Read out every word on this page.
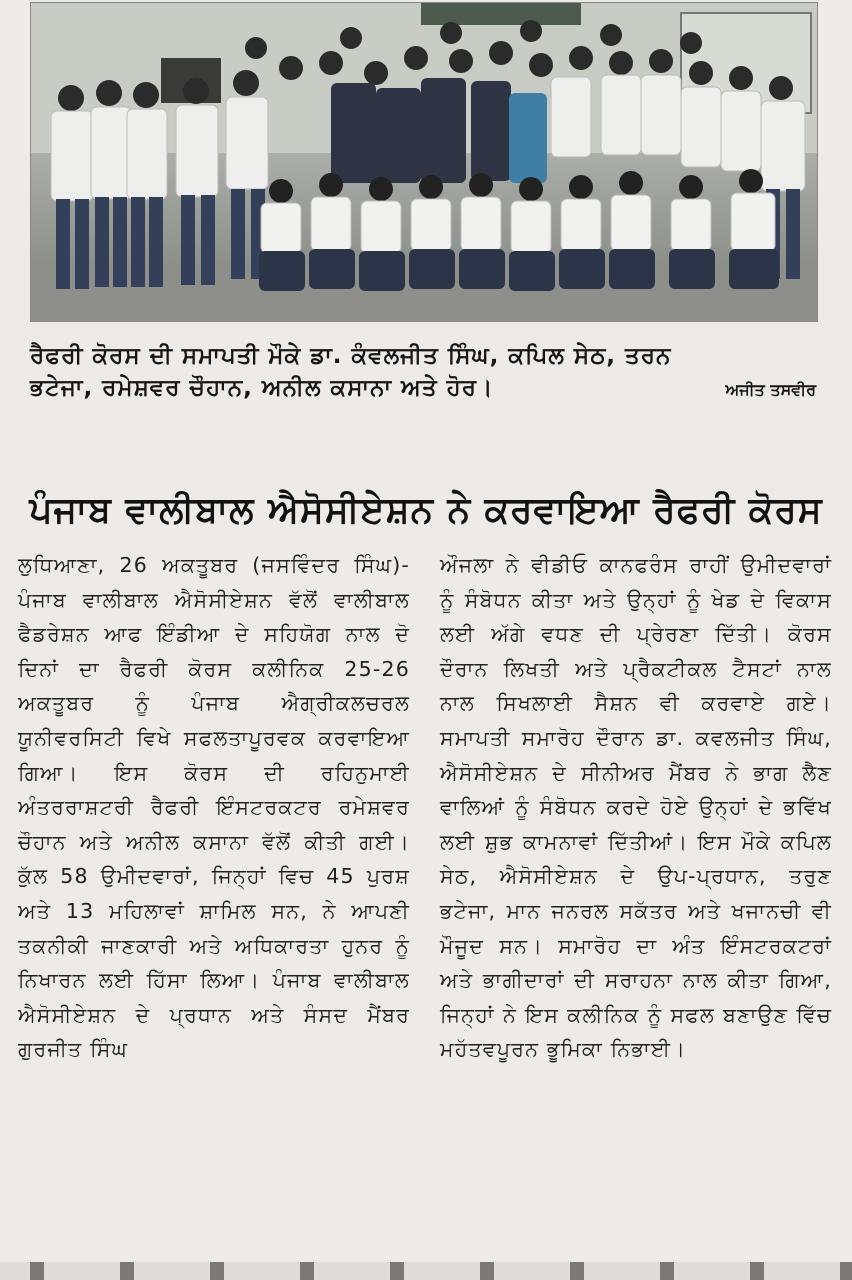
ਰੈਫਰੀ ਕੋਰਸ ਦੀ ਸਮਾਪਤੀ ਮੌਕੇ ਡਾ. ਕੰਵਲਜੀਤ ਸਿੰਘ, ਕਪਿਲ ਸੇਠ, ਤਰਨ
ਭਟੇਜਾ, ਰਮੇਸ਼ਵਰ ਚੌਹਾਨ, ਅਨੀਲ ਕਸਾਨਾ ਅਤੇ ਹੋਰ।	ਅਜੀਤ ਤਸਵੀਰ
ਪੰਜਾਬ ਵਾਲੀਬਾਲ ਐਸੋਸੀਏਸ਼ਨ ਨੇ ਕਰਵਾਇਆ ਰੈਫਰੀ ਕੋਰਸ
ਲੁਧਿਆਣਾ, 26 ਅਕਤੂਬਰ (ਜਸਵਿੰਦਰ ਸਿੰਘ)-ਪੰਜਾਬ ਵਾਲੀਬਾਲ ਐਸੋਸੀਏਸ਼ਨ ਵੱਲੋਂ ਵਾਲੀਬਾਲ ਫੈਡਰੇਸ਼ਨ ਆਫ ਇੰਡੀਆ ਦੇ ਸਹਿਯੋਗ ਨਾਲ ਦੋ ਦਿਨਾਂ ਦਾ ਰੈਫਰੀ ਕੋਰਸ ਕਲੀਨਿਕ 25-26 ਅਕਤੂਬਰ ਨੂੰ ਪੰਜਾਬ ਐਗ੍ਰੀਕਲਚਰਲ ਯੂਨੀਵਰਸਿਟੀ ਵਿਖੇ ਸਫਲਤਾਪੂਰਵਕ ਕਰਵਾਇਆ ਗਿਆ। ਇਸ ਕੋਰਸ ਦੀ ਰਹਿਨੁਮਾਈ ਅੰਤਰਰਾਸ਼ਟਰੀ ਰੈਫਰੀ ਇੰਸਟਰਕਟਰ ਰਮੇਸ਼ਵਰ ਚੌਹਾਨ ਅਤੇ ਅਨੀਲ ਕਸਾਨਾ ਵੱਲੋਂ ਕੀਤੀ ਗਈ। ਕੁੱਲ 58 ਉਮੀਦਵਾਰਾਂ, ਜਿਨ੍ਹਾਂ ਵਿਚ 45 ਪੁਰਸ਼ ਅਤੇ 13 ਮਹਿਲਾਵਾਂ ਸ਼ਾਮਿਲ ਸਨ, ਨੇ ਆਪਣੀ ਤਕਨੀਕੀ ਜਾਣਕਾਰੀ ਅਤੇ ਅਧਿਕਾਰਤਾ ਹੁਨਰ ਨੂੰ ਨਿਖਾਰਨ ਲਈ ਹਿੱਸਾ ਲਿਆ। ਪੰਜਾਬ ਵਾਲੀਬਾਲ ਐਸੋਸੀਏਸ਼ਨ ਦੇ ਪ੍ਰਧਾਨ ਅਤੇ ਸੰਸਦ ਮੈਂਬਰ ਗੁਰਜੀਤ ਸਿੰਘ
ਔਜਲਾ ਨੇ ਵੀਡੀਓ ਕਾਨਫਰੰਸ ਰਾਹੀਂ ਉਮੀਦਵਾਰਾਂ ਨੂੰ ਸੰਬੋਧਨ ਕੀਤਾ ਅਤੇ ਉਨ੍ਹਾਂ ਨੂੰ ਖੇਡ ਦੇ ਵਿਕਾਸ ਲਈ ਅੱਗੇ ਵਧਣ ਦੀ ਪ੍ਰੇਰਣਾ ਦਿੱਤੀ। ਕੋਰਸ ਦੌਰਾਨ ਲਿਖਤੀ ਅਤੇ ਪ੍ਰੈਕਟੀਕਲ ਟੈਸਟਾਂ ਨਾਲ ਨਾਲ ਸਿਖਲਾਈ ਸੈਸ਼ਨ ਵੀ ਕਰਵਾਏ ਗਏ। ਸਮਾਪਤੀ ਸਮਾਰੋਹ ਦੌਰਾਨ ਡਾ. ਕਵਲਜੀਤ ਸਿੰਘ, ਐਸੋਸੀਏਸ਼ਨ ਦੇ ਸੀਨੀਅਰ ਮੈਂਬਰ ਨੇ ਭਾਗ ਲੈਣ ਵਾਲਿਆਂ ਨੂੰ ਸੰਬੋਧਨ ਕਰਦੇ ਹੋਏ ਉਨ੍ਹਾਂ ਦੇ ਭਵਿੱਖ ਲਈ ਸ਼ੁਭ ਕਾਮਨਾਵਾਂ ਦਿੱਤੀਆਂ। ਇਸ ਮੌਕੇ ਕਪਿਲ ਸੇਠ, ਐਸੋਸੀਏਸ਼ਨ ਦੇ ਉਪ-ਪ੍ਰਧਾਨ, ਤਰੁਣ ਭਟੇਜਾ, ਮਾਨ ਜਨਰਲ ਸਕੱਤਰ ਅਤੇ ਖਜਾਨਚੀ ਵੀ ਮੌਜੂਦ ਸਨ। ਸਮਾਰੋਹ ਦਾ ਅੰਤ ਇੰਸਟਰਕਟਰਾਂ ਅਤੇ ਭਾਗੀਦਾਰਾਂ ਦੀ ਸਰਾਹਨਾ ਨਾਲ ਕੀਤਾ ਗਿਆ, ਜਿਨ੍ਹਾਂ ਨੇ ਇਸ ਕਲੀਨਿਕ ਨੂੰ ਸਫਲ ਬਣਾਉਣ ਵਿੱਚ ਮਹੱਤਵਪੂਰਨ ਭੂਮਿਕਾ ਨਿਭਾਈ।
